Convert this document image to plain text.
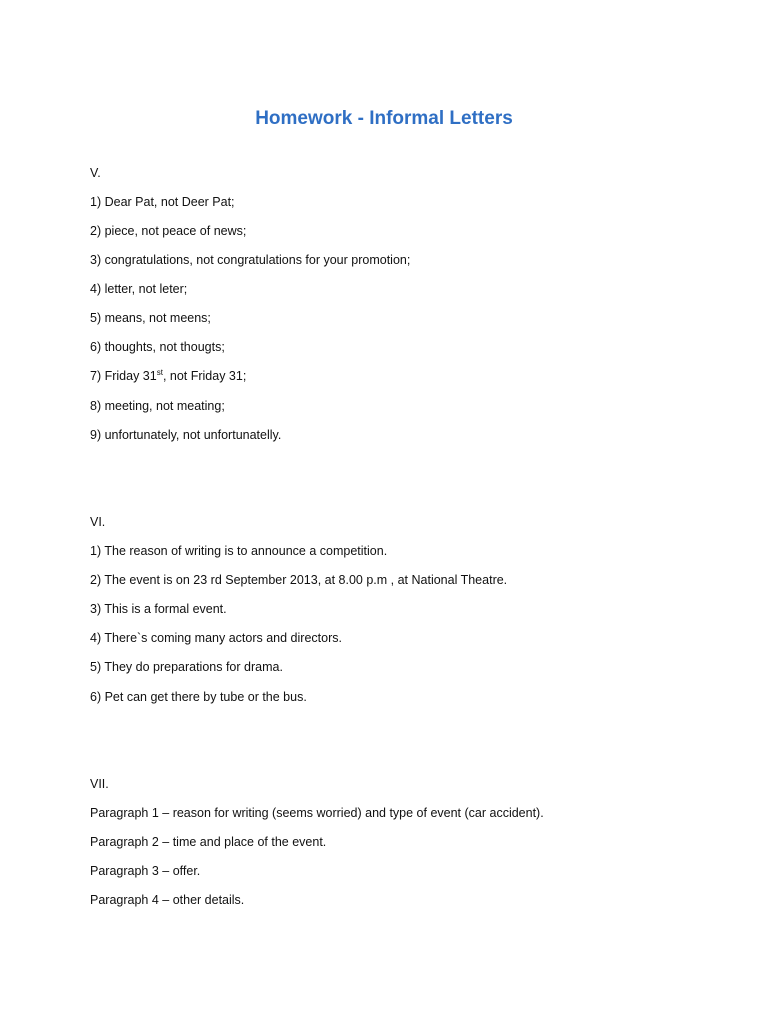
Homework - Informal Letters

V.

1) Dear Pat, not Deer Pat;

2) piece, not peace of news;

3) congratulations, not congratulations for your promotion;

4) letter, not leter;

5) means, not meens;

6) thoughts, not thougts;

7) Friday 31st, not Friday 31;

8) meeting, not meating;

9) unfortunately, not unfortunatelly.

VI.

1) The reason of writing is to announce a competition.

2) The event is on 23 rd September 2013, at 8.00 p.m , at National Theatre.

3) This is a formal event.

4) There`s coming many actors and directors.

5) They do preparations for drama.

6) Pet can get there by tube or the bus.

VII.

Paragraph 1 – reason for writing (seems worried) and type of event (car accident).

Paragraph 2 – time and place of the event.

Paragraph 3 – offer.

Paragraph 4 – other details.
